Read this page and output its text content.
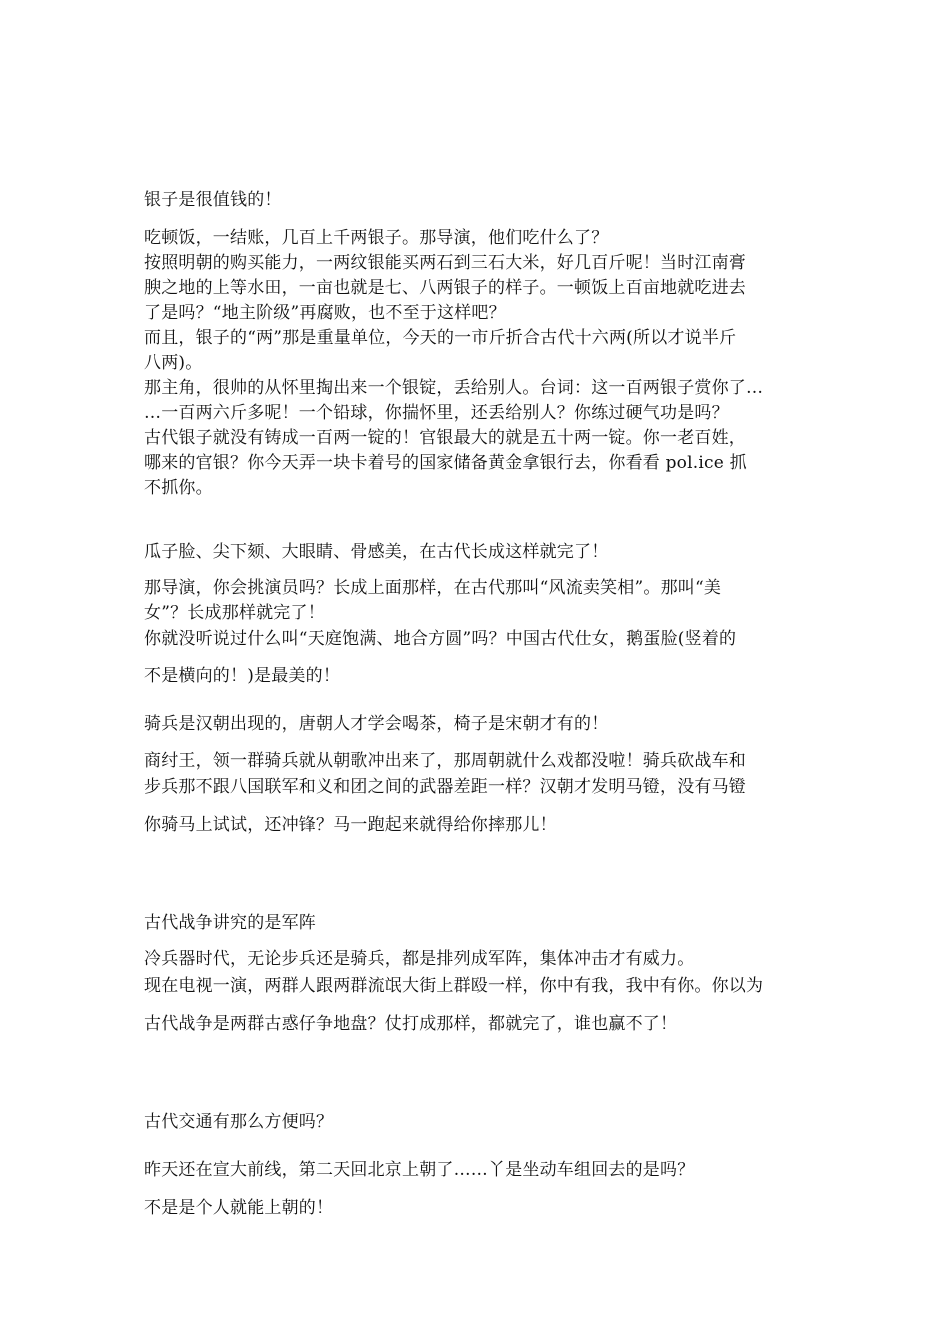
银子是很值钱的！

吃顿饭，一结账，几百上千两银子。那导演，他们吃什么了？

按照明朝的购买能力，一两纹银能买两石到三石大米，好几百斤呢！当时江南膏

腴之地的上等水田，一亩也就是七、八两银子的样子。一顿饭上百亩地就吃进去

了是吗？“地主阶级”再腐败，也不至于这样吧？

而且，银子的“两”那是重量单位，今天的一市斤折合古代十六两(所以才说半斤

八两)。

那主角，很帅的从怀里掏出来一个银锭，丢给别人。台词：这一百两银子赏你了…

…一百两六斤多呢！一个铅球，你揣怀里，还丢给别人？你练过硬气功是吗？

古代银子就没有铸成一百两一锭的！官银最大的就是五十两一锭。你一老百姓，

哪来的官银？你今天弄一块卡着号的国家储备黄金拿银行去，你看看 pol.ice 抓

不抓你。

瓜子脸、尖下颏、大眼睛、骨感美，在古代长成这样就完了！

那导演，你会挑演员吗？长成上面那样，在古代那叫“风流卖笑相”。那叫“美

女”？长成那样就完了！

你就没听说过什么叫“天庭饱满、地合方圆”吗？中国古代仕女，鹅蛋脸(竖着的

不是横向的！)是最美的！

骑兵是汉朝出现的，唐朝人才学会喝茶，椅子是宋朝才有的！

商纣王，领一群骑兵就从朝歌冲出来了，那周朝就什么戏都没啦！骑兵砍战车和

步兵那不跟八国联军和义和团之间的武器差距一样？汉朝才发明马镫，没有马镫

你骑马上试试，还冲锋？马一跑起来就得给你摔那儿！

古代战争讲究的是军阵

冷兵器时代，无论步兵还是骑兵，都是排列成军阵，集体冲击才有威力。

现在电视一演，两群人跟两群流氓大街上群殴一样，你中有我，我中有你。你以为

古代战争是两群古惑仔争地盘？仗打成那样，都就完了，谁也赢不了！

古代交通有那么方便吗？

昨天还在宣大前线，第二天回北京上朝了……丫是坐动车组回去的是吗？

不是是个人就能上朝的！
